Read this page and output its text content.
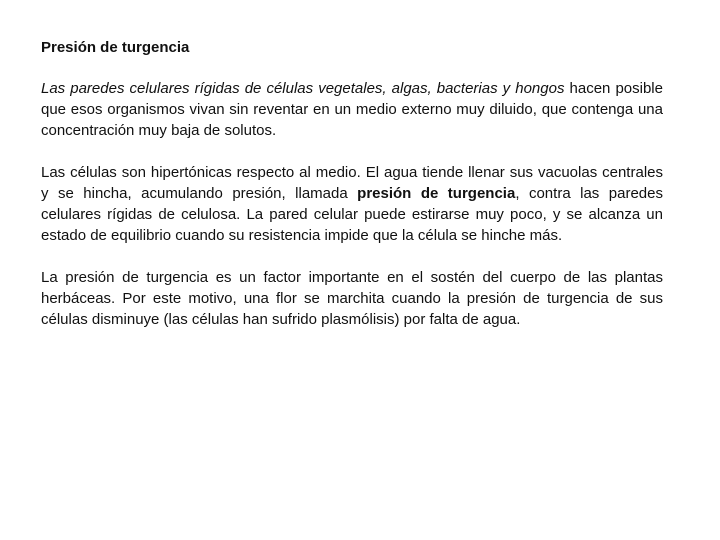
Presión de turgencia

Las paredes celulares rígidas de células vegetales, algas, bacterias y hongos hacen posible que esos organismos vivan sin reventar en un medio externo muy diluido, que contenga una concentración muy baja de solutos.

Las células son hipertónicas respecto al medio. El agua tiende llenar sus vacuolas centrales y se hincha, acumulando presión, llamada presión de turgencia, contra las paredes celulares rígidas de celulosa. La pared celular puede estirarse muy poco, y se alcanza un estado de equilibrio cuando su resistencia impide que la célula se hinche más.

La presión de turgencia es un factor importante en el sostén del cuerpo de las plantas herbáceas. Por este motivo, una flor se marchita cuando la presión de turgencia de sus células disminuye (las células han sufrido plasmólisis) por falta de agua.
